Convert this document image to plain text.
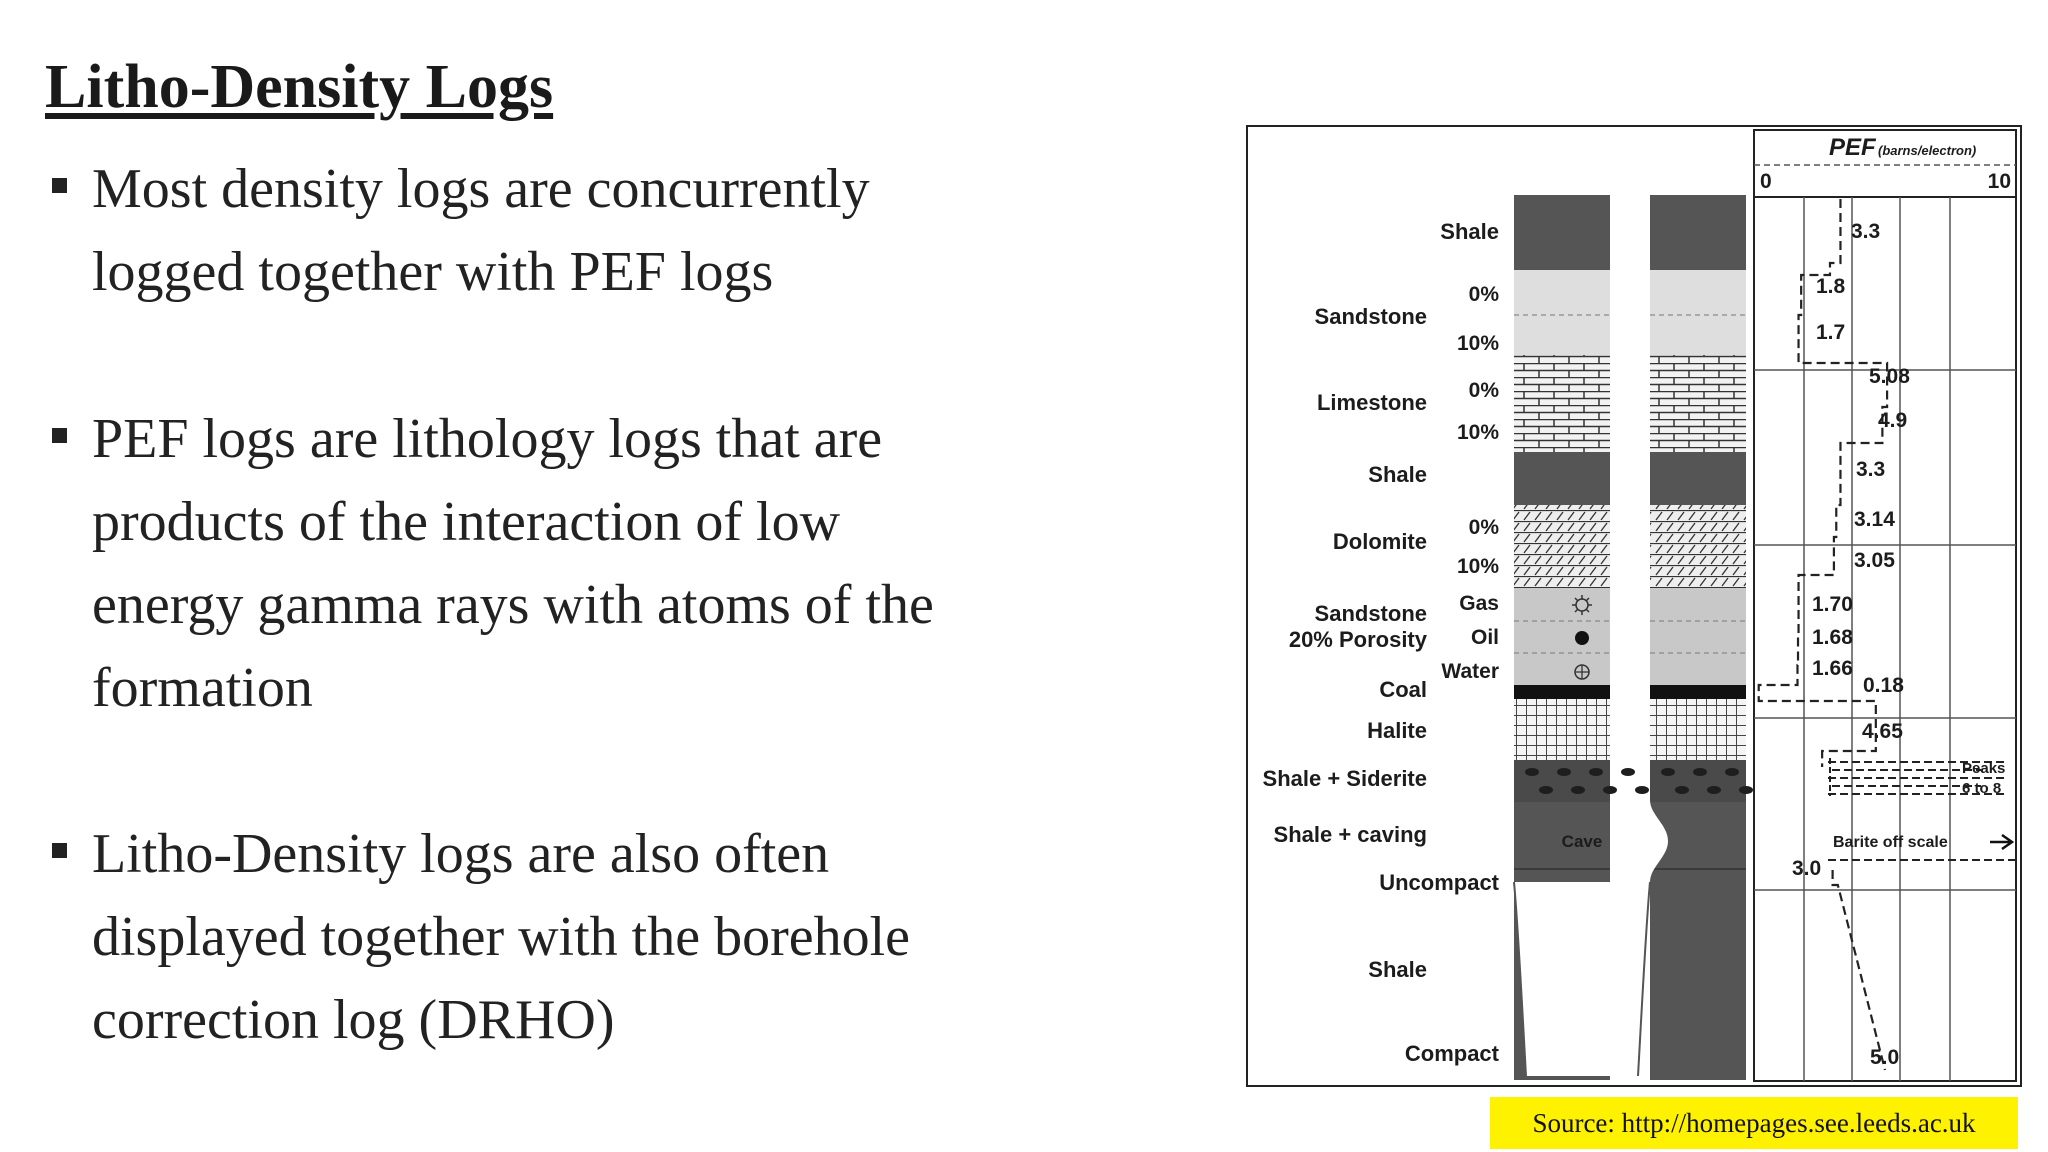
Litho-Density Logs
Most density logs are concurrently
logged together with PEF logs
PEF logs are lithology logs that are
products of the interaction of low
energy gamma rays with atoms of the
formation
Litho-Density logs are also often
displayed together with the borehole
correction log (DRHO)
Cave
Shale
Sandstone
Limestone
Shale
Dolomite
Sandstone
20% Porosity
Coal
Halite
Shale + Siderite
Shale + caving
Uncompact
Shale
Compact
0%
10%
0%
10%
0%
10%
Gas
Oil
Water
PEF (barns/electron)
0	10
Peaks
6 to 8
Barite off scale
3.3
1.8
1.7
5.08
4.9
3.3
3.14
3.05
1.70
1.68
1.66
0.18
4.65
3.0
5.0
Source: http://homepages.see.leeds.ac.uk
